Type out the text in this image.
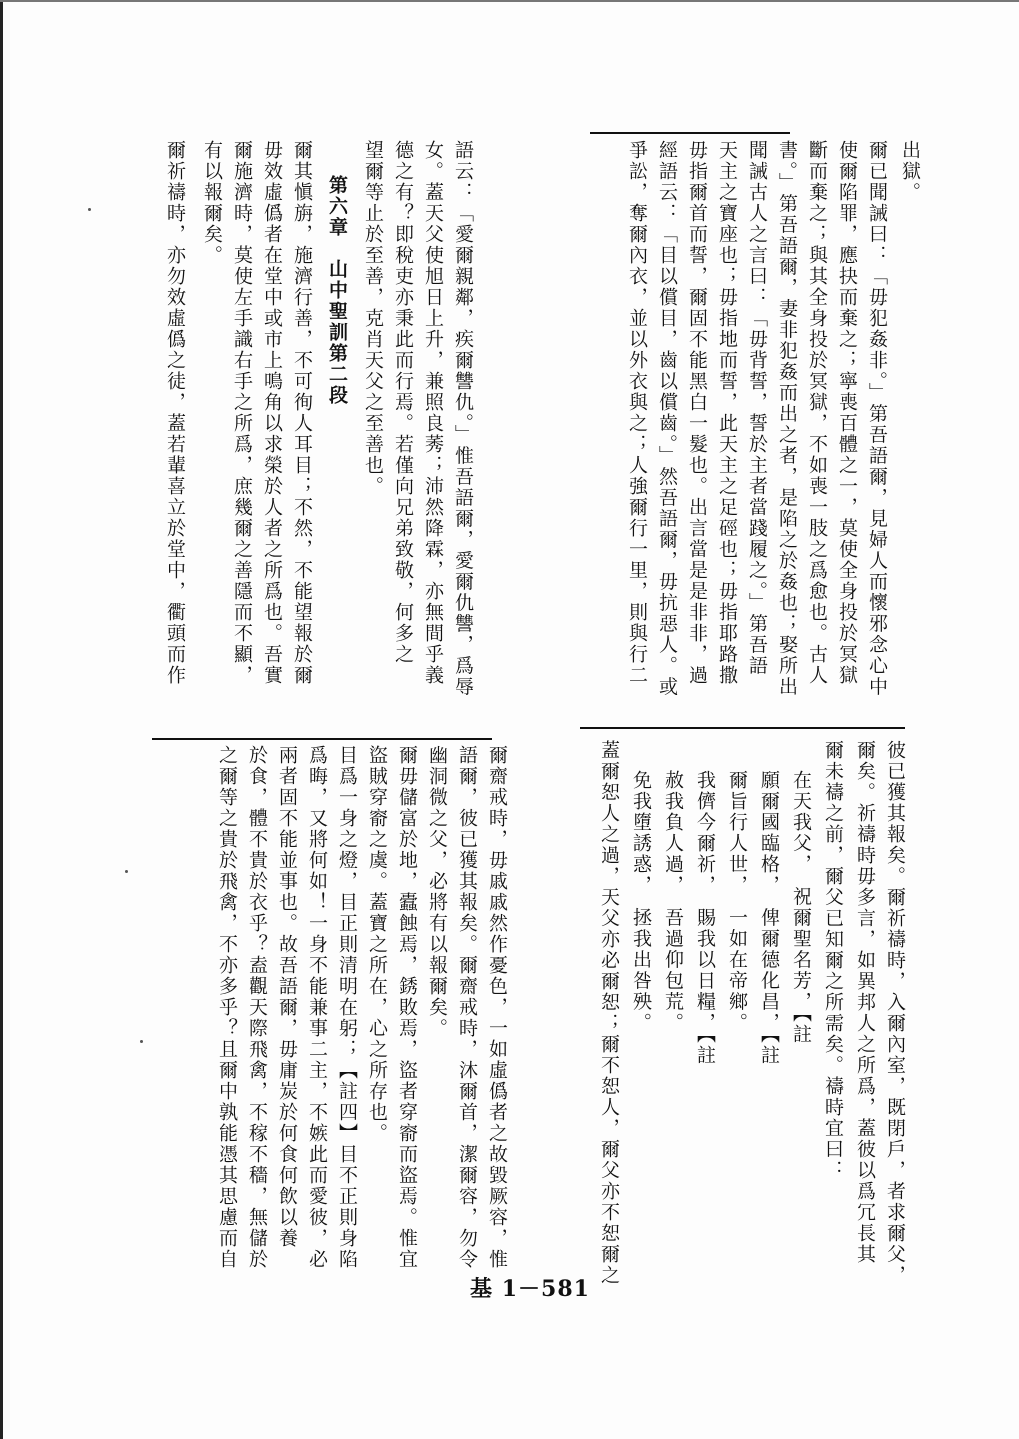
出獄。
爾已聞誡曰：「毋犯姦非。」第吾語爾，見婦人而懷邪念心中
使爾陷罪，應抉而棄之；寧喪百體之一，莫使全身投於冥獄
斷而棄之；與其全身投於冥獄，不如喪一肢之爲愈也。古人
書。」第吾語爾，妻非犯姦而出之者，是陷之於姦也；娶所出
聞誡古人之言曰：「毋背誓，誓於主者當踐履之。」第吾語
天主之寶座也；毋指地而誓，此天主之足硜也；毋指耶路撒
毋指爾首而誓，爾固不能黑白一髮也。出言當是是非非，過
經語云：「目以償目，齒以償齒。」然吾語爾，毋抗惡人。或
爭訟，奪爾內衣，並以外衣與之；人強爾行一里，則與行二
彼已獲其報矣。爾祈禱時，入爾內室，既閉戶，者求爾父，
爾矣。祈禱時毋多言，如異邦人之所爲，蓋彼以爲冗長其
爾未禱之前，爾父已知爾之所需矣。禱時宜曰：
在天我父，　祝爾聖名芳，【註
願爾國臨格，　俾爾德化昌，【註
爾旨行人世，　一如在帝鄉。
我儕今爾祈，　賜我以日糧，【註
赦我負人過，　吾過仰包荒。
免我墮誘惑，　拯我出咎殃。
蓋爾恕人之過，天父亦必爾恕；爾不恕人，爾父亦不恕爾之
語云：「愛爾親鄰，疾爾讐仇。」惟吾語爾，愛爾仇讐，爲辱
女。蓋天父使旭日上升，兼照良莠；沛然降霖，亦無間乎義
德之有？即稅吏亦秉此而行焉。若僅向兄弟致敬，何多之
望爾等止於至善，克肖天父之至善也。
第六章　山中聖訓第二段
爾其愼旃，施濟行善，不可徇人耳目；不然，不能望報於爾
毋效虛僞者在堂中或市上鳴角以求榮於人者之所爲也。吾實
爾施濟時，莫使左手識右手之所爲，庶幾爾之善隱而不顯，
有以報爾矣。
爾祈禱時，亦勿效虛僞之徒，蓋若輩喜立於堂中，衢頭而作
爾齋戒時，毋戚戚然作憂色，一如虛僞者之故毀厥容，惟
語爾，彼已獲其報矣。爾齋戒時，沐爾首，潔爾容，勿令
幽洞微之父，必將有以報爾矣。
爾毋儲富於地，蠹蝕焉，銹敗焉，盜者穿窬而盜焉。惟宜
盜賊穿窬之虞。蓋寶之所在，心之所存也。
目爲一身之燈，目正則清明在躬；【註四】目不正則身陷
爲晦，又將何如！一身不能兼事二主，不嫉此而愛彼，必
兩者固不能並事也。故吾語爾，毋庸炭於何食何飲以養
於食，體不貴於衣乎？盍觀天際飛禽，不稼不穡，無儲於
之爾等之貴於飛禽，不亦多乎？且爾中孰能憑其思慮而自
基 1－581
